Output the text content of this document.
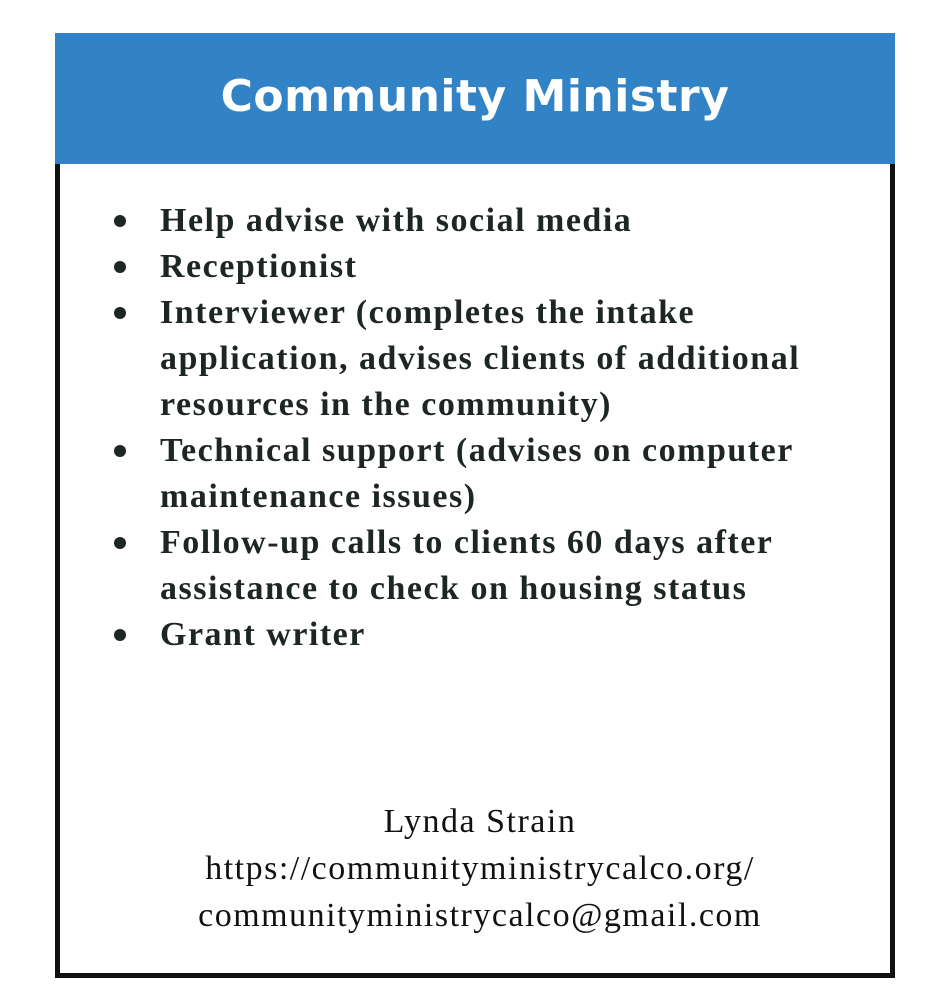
Community Ministry
Help advise with social media
Receptionist
Interviewer (completes the intake application, advises clients of additional resources in the community)
Technical support (advises on computer maintenance issues)
Follow-up calls to clients 60 days after assistance to check on housing status
Grant writer
Lynda Strain
https://communityministrycalco.org/
communityministrycalco@gmail.com
